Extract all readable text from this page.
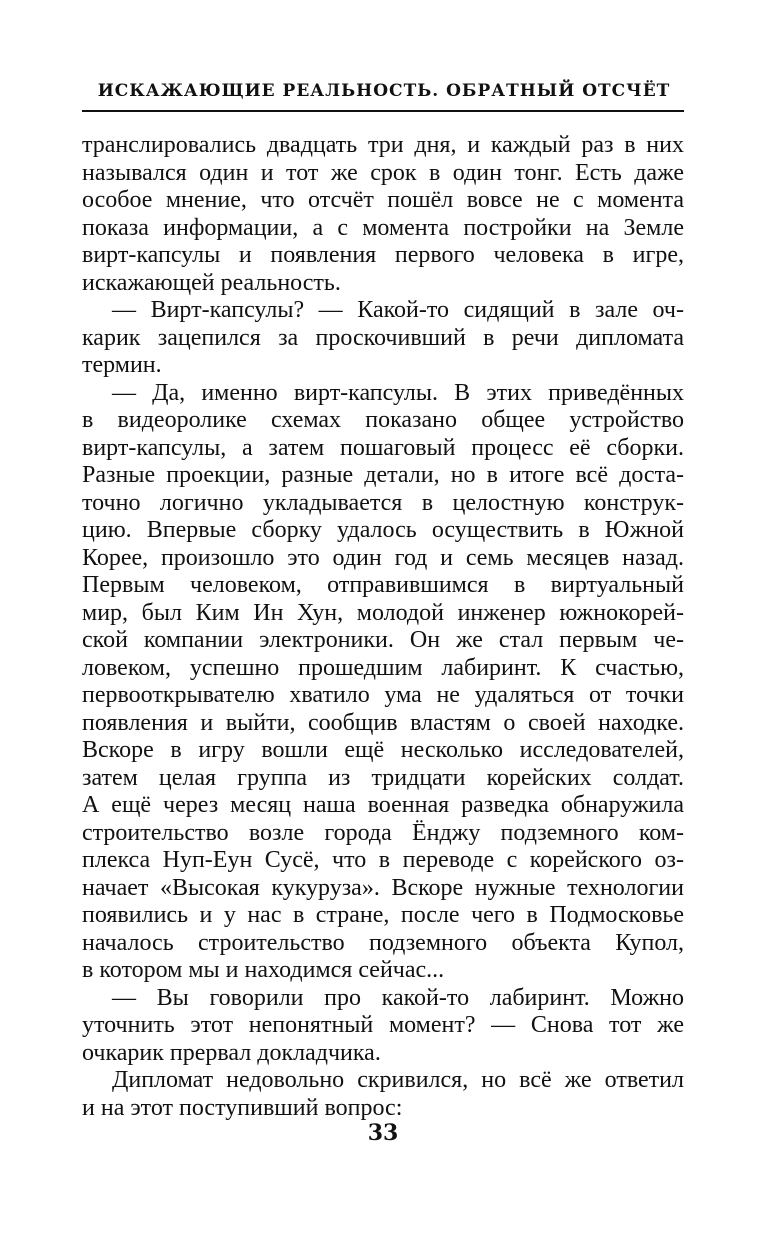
ИСКАЖАЮЩИЕ РЕАЛЬНОСТЬ. ОБРАТНЫЙ ОТСЧЁТ
транслировались двадцать три дня, и каждый раз в них
назывался один и тот же срок в один тонг. Есть даже
особое мнение, что отсчёт пошёл вовсе не с момента
показа информации, а с момента постройки на Земле
вирт-капсулы и появления первого человека в игре,
искажающей реальность.
— Вирт-капсулы? — Какой-то сидящий в зале оч-
карик зацепился за проскочивший в речи дипломата
термин.
— Да, именно вирт-капсулы. В этих приведённых
в видеоролике схемах показано общее устройство
вирт-капсулы, а затем пошаговый процесс её сборки.
Разные проекции, разные детали, но в итоге всё доста-
точно логично укладывается в целостную конструк-
цию. Впервые сборку удалось осуществить в Южной
Корее, произошло это один год и семь месяцев назад.
Первым человеком, отправившимся в виртуальный
мир, был Ким Ин Хун, молодой инженер южнокорей-
ской компании электроники. Он же стал первым че-
ловеком, успешно прошедшим лабиринт. К счастью,
первооткрывателю хватило ума не удаляться от точки
появления и выйти, сообщив властям о своей находке.
Вскоре в игру вошли ещё несколько исследователей,
затем целая группа из тридцати корейских солдат.
А ещё через месяц наша военная разведка обнаружила
строительство возле города Ёнджу подземного ком-
плекса Нуп-Еун Сусё, что в переводе с корейского оз-
начает «Высокая кукуруза». Вскоре нужные технологии
появились и у нас в стране, после чего в Подмосковье
началось строительство подземного объекта Купол,
в котором мы и находимся сейчас...
— Вы говорили про какой-то лабиринт. Можно
уточнить этот непонятный момент? — Снова тот же
очкарик прервал докладчика.
Дипломат недовольно скривился, но всё же ответил
и на этот поступивший вопрос:
33
